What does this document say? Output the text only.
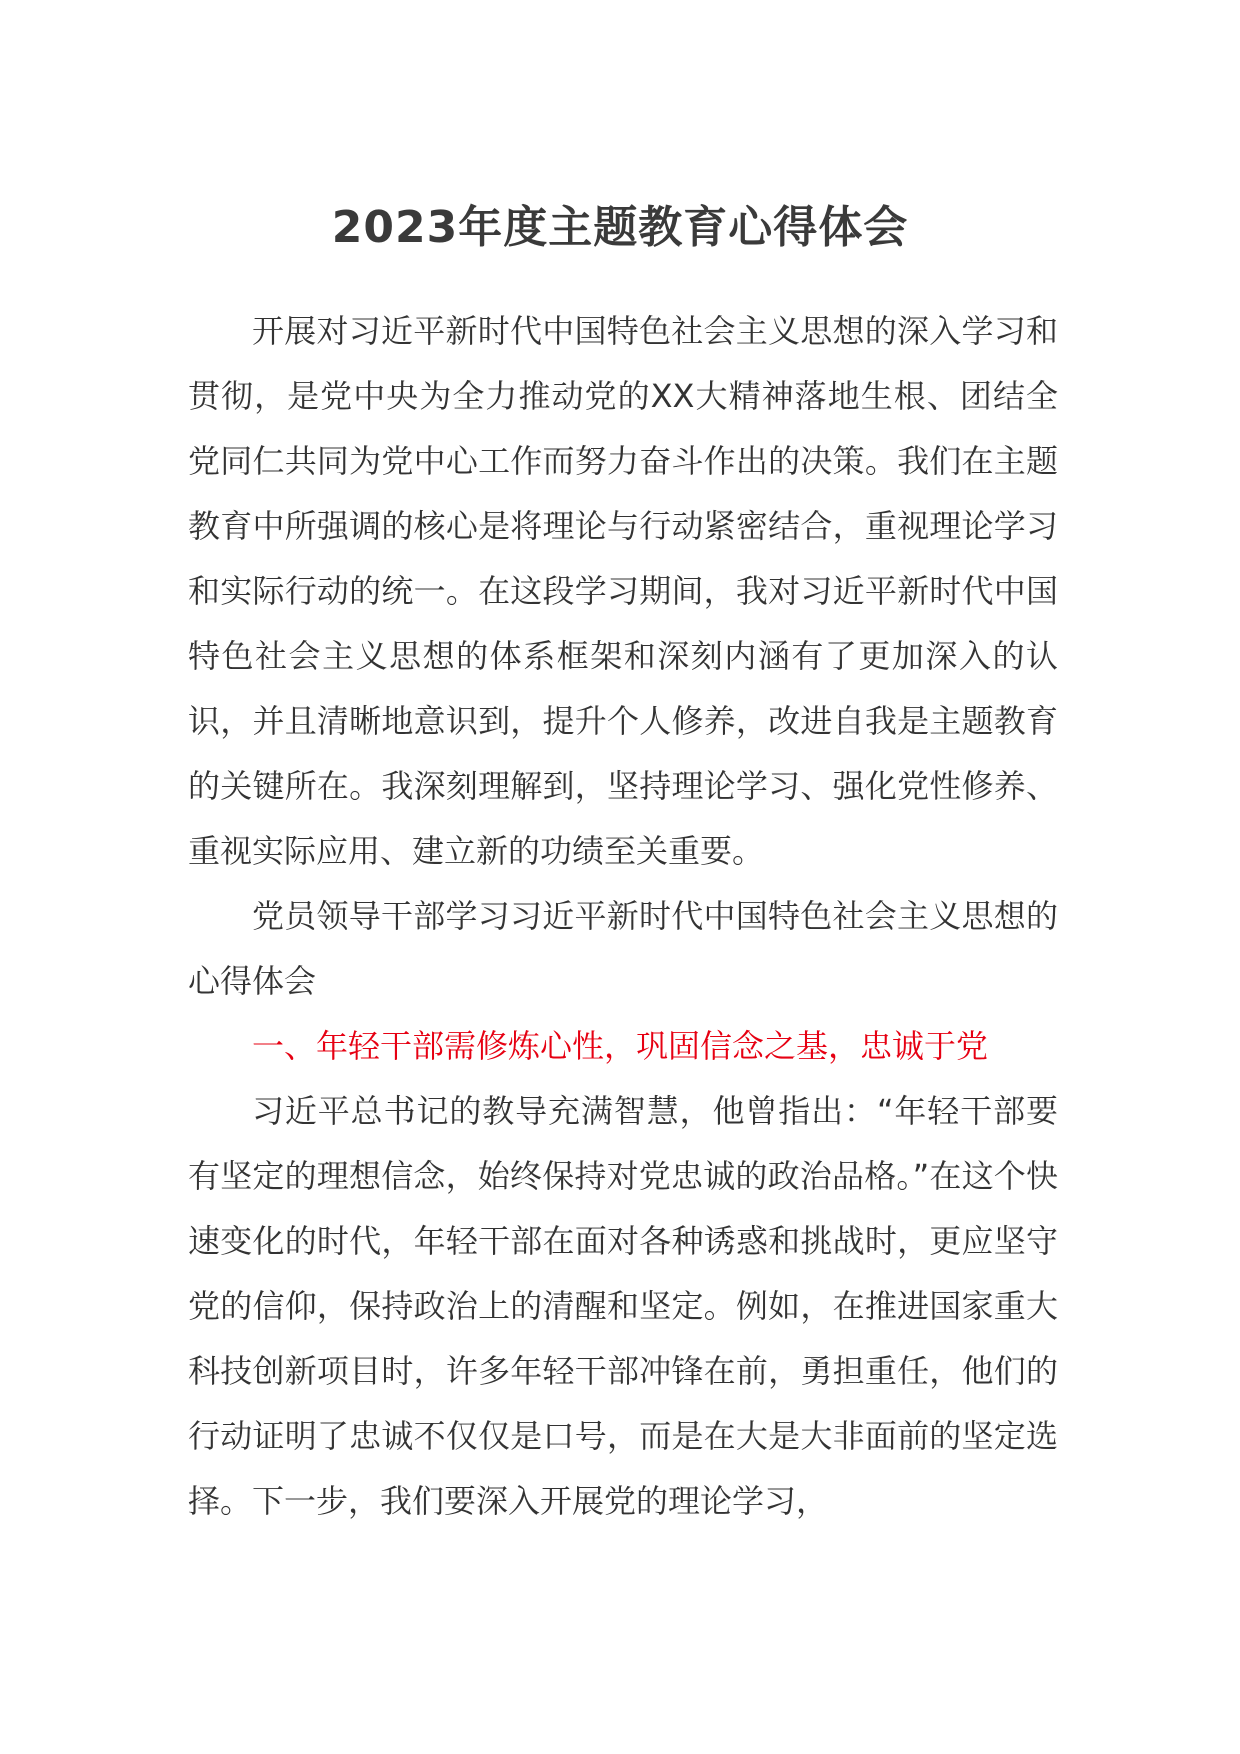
2023年度主题教育心得体会

开展对习近平新时代中国特色社会主义思想的深入学习和贯彻，是党中央为全力推动党的XX大精神落地生根、团结全党同仁共同为党中心工作而努力奋斗作出的决策。我们在主题教育中所强调的核心是将理论与行动紧密结合，重视理论学习和实际行动的统一。在这段学习期间，我对习近平新时代中国特色社会主义思想的体系框架和深刻内涵有了更加深入的认识，并且清晰地意识到，提升个人修养，改进自我是主题教育的关键所在。我深刻理解到，坚持理论学习、强化党性修养、重视实际应用、建立新的功绩至关重要。

党员领导干部学习习近平新时代中国特色社会主义思想的心得体会

一、年轻干部需修炼心性，巩固信念之基，忠诚于党

习近平总书记的教导充满智慧，他曾指出：“年轻干部要有坚定的理想信念，始终保持对党忠诚的政治品格。”在这个快速变化的时代，年轻干部在面对各种诱惑和挑战时，更应坚守党的信仰，保持政治上的清醒和坚定。例如，在推进国家重大科技创新项目时，许多年轻干部冲锋在前，勇担重任，他们的行动证明了忠诚不仅仅是口号，而是在大是大非面前的坚定选择。下一步，我们要深入开展党的理论学习，
